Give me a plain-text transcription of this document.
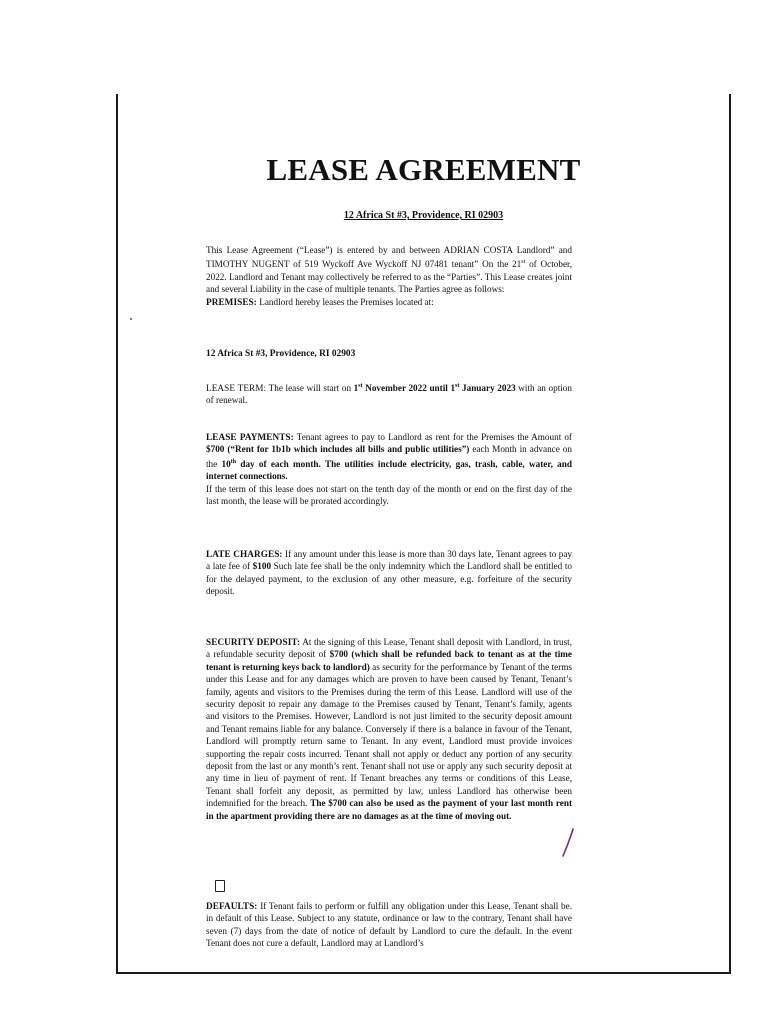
LEASE AGREEMENT
12 Africa St #3, Providence, RI 02903

This Lease Agreement (“Lease”) is entered by and between ADRIAN COSTA Landlord” and TIMOTHY NUGENT of 519 Wyckoff Ave Wyckoff NJ 07481 tenant” On the 21st of October, 2022. Landlord and Tenant may collectively be referred to as the “Parties”. This Lease creates joint and several Liability in the case of multiple tenants. The Parties agree as follows:

PREMISES: Landlord hereby leases the Premises located at:

12 Africa St #3, Providence, RI 02903

LEASE TERM: The lease will start on 1st November 2022 until 1st January 2023 with an option of renewal.

LEASE PAYMENTS: Tenant agrees to pay to Landlord as rent for the Premises the Amount of $700 (“Rent for 1b1b which includes all bills and public utilities”) each Month in advance on the 10th day of each month. The utilities include electricity, gas, trash, cable, water, and internet connections.

If the term of this lease does not start on the tenth day of the month or end on the first day of the last month, the lease will be prorated accordingly.

LATE CHARGES: If any amount under this lease is more than 30 days late, Tenant agrees to pay a late fee of $100 Such late fee shall be the only indemnity which the Landlord shall be entitled to for the delayed payment, to the exclusion of any other measure, e.g. forfeiture of the security deposit.

SECURITY DEPOSIT: At the signing of this Lease, Tenant shall deposit with Landlord, in trust, a refundable security deposit of $700 (which shall be refunded back to tenant as at the time tenant is returning keys back to landlord) as security for the performance by Tenant of the terms under this Lease and for any damages which are proven to have been caused by Tenant, Tenant’s family, agents and visitors to the Premises during the term of this Lease. Landlord will use of the security deposit to repair any damage to the Premises caused by Tenant, Tenant’s family, agents and visitors to the Premises. However, Landlord is not just limited to the security deposit amount and Tenant remains liable for any balance. Conversely if there is a balance in favour of the Tenant, Landlord will promptly return same to Tenant. In any event, Landlord must provide invoices supporting the repair costs incurred. Tenant shall not apply or deduct any portion of any security deposit from the last or any month’s rent. Tenant shall not use or apply any such security deposit at any time in lieu of payment of rent. If Tenant breaches any terms or conditions of this Lease, Tenant shall forfeit any deposit, as permitted by law, unless Landlord has otherwise been indemnified for the breach. The $700 can also be used as the payment of your last month rent in the apartment providing there are no damages as at the time of moving out.

DEFAULTS: If Tenant fails to perform or fulfill any obligation under this Lease, Tenant shall be. in default of this Lease. Subject to any statute, ordinance or law to the contrary, Tenant shall have seven (7) days from the date of notice of default by Landlord to cure the default. In the event Tenant does not cure a default, Landlord may at Landlord’s
